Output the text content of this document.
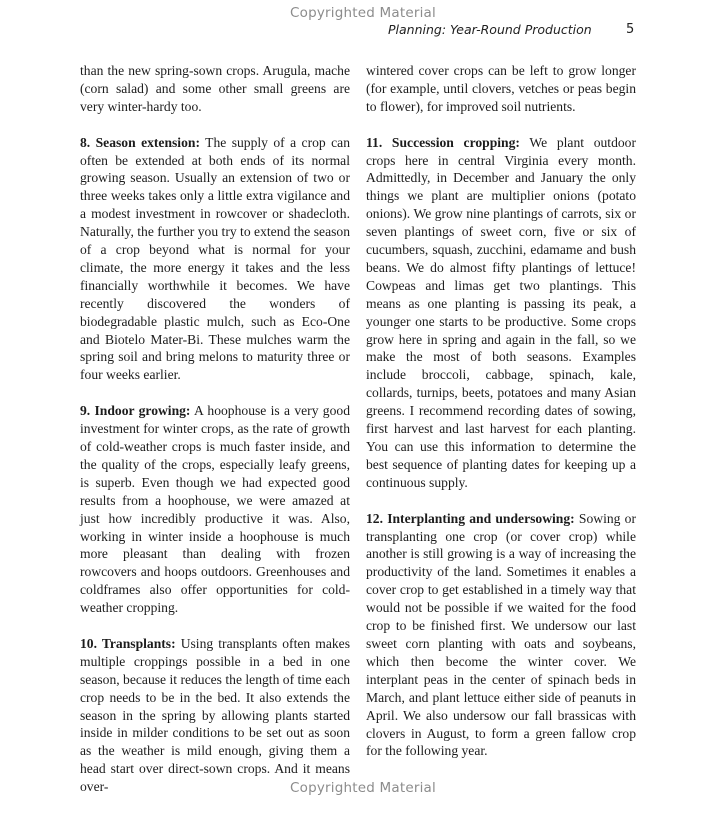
Copyrighted Material
Planning: Year-Round Production	5

than the new spring-sown crops. Arugula, mache (corn salad) and some other small greens are very winter-hardy too.

8. Season extension: The supply of a crop can often be extended at both ends of its normal growing season. Usually an extension of two or three weeks takes only a little extra vigilance and a modest investment in rowcover or shadecloth. Naturally, the further you try to extend the season of a crop beyond what is normal for your climate, the more energy it takes and the less financially worthwhile it becomes. We have recently discovered the wonders of biodegradable plastic mulch, such as Eco-One and Biotelo Mater-Bi. These mulches warm the spring soil and bring melons to maturity three or four weeks earlier.

9. Indoor growing: A hoophouse is a very good investment for winter crops, as the rate of growth of cold-weather crops is much faster inside, and the quality of the crops, especially leafy greens, is superb. Even though we had expected good results from a hoophouse, we were amazed at just how incredibly productive it was. Also, working in winter inside a hoophouse is much more pleasant than dealing with frozen rowcovers and hoops outdoors. Greenhouses and coldframes also offer opportunities for cold-weather cropping.

10. Transplants: Using transplants often makes multiple croppings possible in a bed in one season, because it reduces the length of time each crop needs to be in the bed. It also extends the season in the spring by allowing plants started inside in milder conditions to be set out as soon as the weather is mild enough, giving them a head start over direct-sown crops. And it means over-

wintered cover crops can be left to grow longer (for example, until clovers, vetches or peas begin to flower), for improved soil nutrients.

11. Succession cropping: We plant outdoor crops here in central Virginia every month. Admittedly, in December and January the only things we plant are multiplier onions (potato onions). We grow nine plantings of carrots, six or seven plantings of sweet corn, five or six of cucumbers, squash, zucchini, edamame and bush beans. We do almost fifty plantings of lettuce! Cowpeas and limas get two plantings. This means as one planting is passing its peak, a younger one starts to be productive. Some crops grow here in spring and again in the fall, so we make the most of both seasons. Examples include broccoli, cabbage, spinach, kale, collards, turnips, beets, potatoes and many Asian greens. I recommend recording dates of sowing, first harvest and last harvest for each planting. You can use this information to determine the best sequence of planting dates for keeping up a continuous supply.

12. Interplanting and undersowing: Sowing or transplanting one crop (or cover crop) while another is still growing is a way of increasing the productivity of the land. Sometimes it enables a cover crop to get established in a timely way that would not be possible if we waited for the food crop to be finished first. We undersow our last sweet corn planting with oats and soybeans, which then become the winter cover. We interplant peas in the center of spinach beds in March, and plant lettuce either side of peanuts in April. We also undersow our fall brassicas with clovers in August, to form a green fallow crop for the following year.

Copyrighted Material
